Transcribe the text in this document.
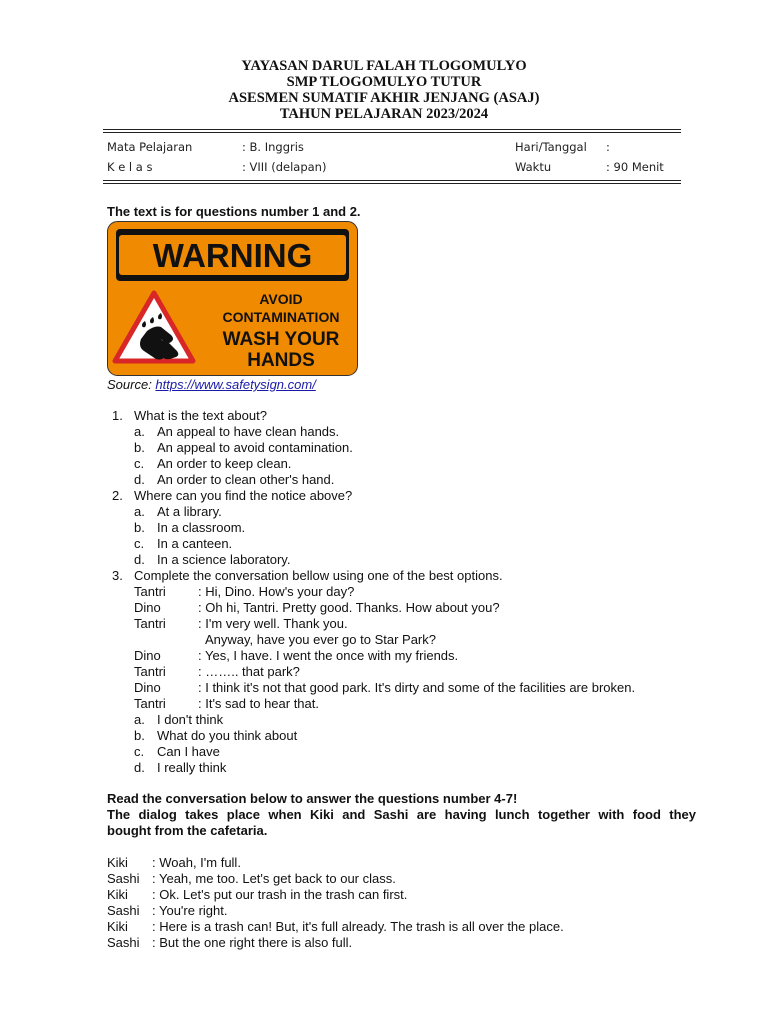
YAYASAN DARUL FALAH TLOGOMULYO
SMP TLOGOMULYO TUTUR
ASESMEN SUMATIF AKHIR JENJANG (ASAJ)
TAHUN PELAJARAN 2023/2024
Mata Pelajaran	: B. Inggris	Hari/Tanggal :
K e l a s	: VIII (delapan)	Waktu	: 90 Menit
The text is for questions number 1 and 2.
WARNING
AVOID
CONTAMINATION
WASH YOUR
HANDS
Source: https://www.safetysign.com/
1. What is the text about?
a. An appeal to have clean hands.
b. An appeal to avoid contamination.
c. An order to keep clean.
d. An order to clean other's hand.
2. Where can you find the notice above?
a. At a library.
b. In a classroom.
c. In a canteen.
d. In a science laboratory.
3. Complete the conversation bellow using one of the best options.
Tantri : Hi, Dino. How's your day?
Dino	: Oh hi, Tantri. Pretty good. Thanks. How about you?
Tantri : I'm very well. Thank you.
Anyway, have you ever go to Star Park?
Dino	: Yes, I have. I went the once with my friends.
Tantri : …….. that park?
Dino	: I think it's not that good park. It's dirty and some of the facilities are broken.
Tantri : It's sad to hear that.
a. I don't think
b. What do you think about
c. Can I have
d. I really think
Read the conversation below to answer the questions number 4-7!
The dialog takes place when Kiki and Sashi are having lunch together with food they
bought from the cafetaria.
Kiki : Woah, I'm full.
Sashi : Yeah, me too. Let's get back to our class.
Kiki : Ok. Let's put our trash in the trash can first.
Sashi : You're right.
Kiki : Here is a trash can! But, it's full already. The trash is all over the place.
Sashi : But the one right there is also full.
